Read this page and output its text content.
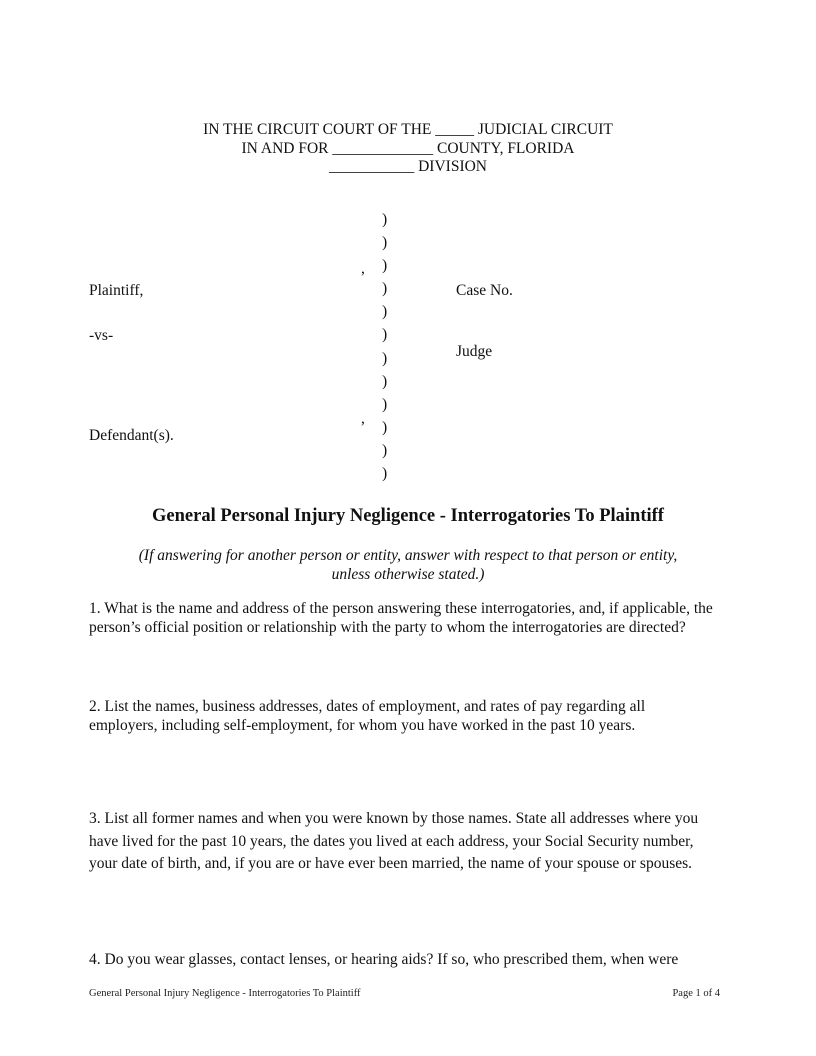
IN THE CIRCUIT COURT OF THE _____ JUDICIAL CIRCUIT
IN AND FOR _____________ COUNTY, FLORIDA
___________ DIVISION
,
Plaintiff,
-vs-
,
Defendant(s).
)
)
)
)
)
)
)
)
)
)
)
)
Case No.
Judge
General Personal Injury Negligence - Interrogatories To Plaintiff
(If answering for another person or entity, answer with respect to that person or entity,
unless otherwise stated.)
1. What is the name and address of the person answering these interrogatories, and, if applicable, the
person’s official position or relationship with the party to whom the interrogatories are directed?
2. List the names, business addresses, dates of employment, and rates of pay regarding all
employers, including self-employment, for whom you have worked in the past 10 years.
3. List all former names and when you were known by those names. State all addresses where you
have lived for the past 10 years, the dates you lived at each address, your Social Security number,
your date of birth, and, if you are or have ever been married, the name of your spouse or spouses.
4. Do you wear glasses, contact lenses, or hearing aids? If so, who prescribed them, when were
General Personal Injury Negligence - Interrogatories To Plaintiff	Page 1 of 4
